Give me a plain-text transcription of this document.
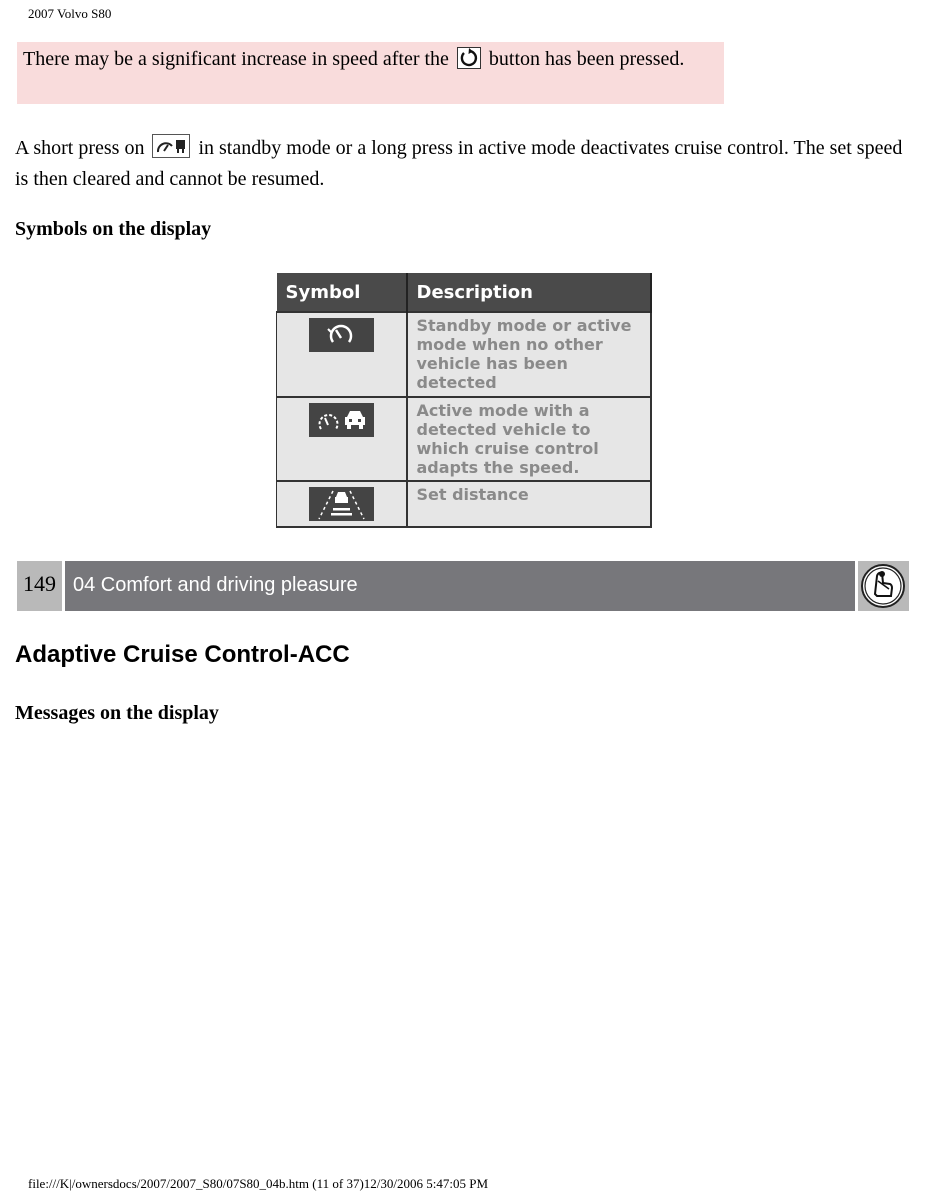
2007 Volvo S80
There may be a significant increase in speed after the button has been pressed.
A short press on	in standby mode or a long press in active mode deactivates cruise control. The set speed is then cleared and cannot be resumed.
Symbols on the display
Symbol	Description

	Standby mode or active mode when no other vehicle has been detected

	Active mode with a detected vehicle to which cruise control adapts the speed.

	Set distance
149 04 Comfort and driving pleasure
Adaptive Cruise Control-ACC
Messages on the display
file:///K|/ownersdocs/2007/2007_S80/07S80_04b.htm (11 of 37)12/30/2006 5:47:05 PM
